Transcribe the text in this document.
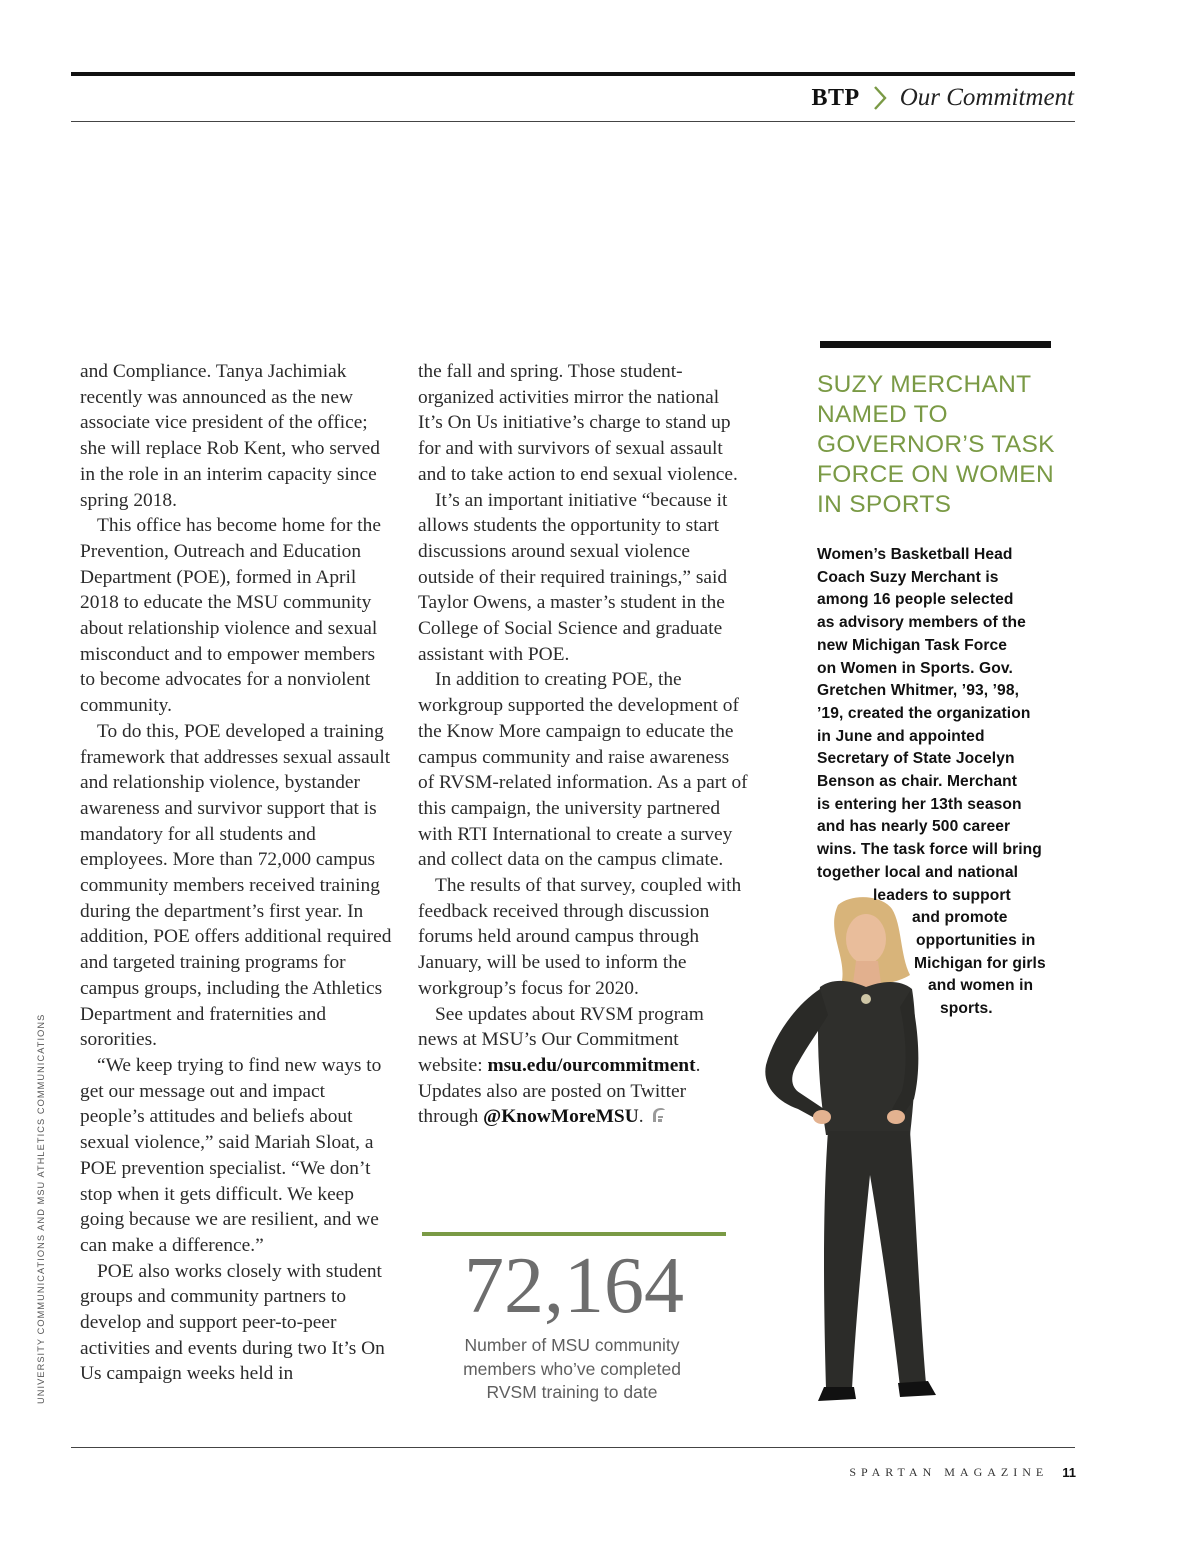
BTP Our Commitment
UNIVERSITY COMMUNICATIONS AND MSU ATHLETICS COMMUNICATIONS

and Compliance. Tanya Jachimiak recently was announced as the new associate vice president of the office; she will replace Rob Kent, who served in the role in an interim capacity since spring 2018.

This office has become home for the Prevention, Outreach and Education Department (POE), formed in April 2018 to educate the MSU community about relationship violence and sexual misconduct and to empower members to become advocates for a nonviolent community.

To do this, POE developed a training framework that addresses sexual assault and relationship violence, bystander awareness and survivor support that is mandatory for all students and employees. More than 72,000 campus community members received training during the department’s first year. In addition, POE offers additional required and targeted training programs for campus groups, including the Athletics Department and fraternities and sororities.

“We keep trying to find new ways to get our message out and impact people’s attitudes and beliefs about sexual violence,” said Mariah Sloat, a POE prevention specialist. “We don’t stop when it gets difficult. We keep going because we are resilient, and we can make a difference.”

POE also works closely with student groups and community partners to develop and support peer-to-peer activities and events during two It’s On Us campaign weeks held in

the fall and spring. Those student-organized activities mirror the national It’s On Us initiative’s charge to stand up for and with survivors of sexual assault and to take action to end sexual violence.

It’s an important initiative “because it allows students the opportunity to start discussions around sexual violence outside of their required trainings,” said Taylor Owens, a master’s student in the College of Social Science and graduate assistant with POE.

In addition to creating POE, the workgroup supported the development of the Know More campaign to educate the campus community and raise awareness of RVSM-related information. As a part of this campaign, the university partnered with RTI International to create a survey and collect data on the campus climate.

The results of that survey, coupled with feedback received through discussion forums held around campus through January, will be used to inform the workgroup’s focus for 2020.

See updates about RVSM program news at MSU’s Our Commitment website: msu.edu/ourcommitment. Updates also are posted on Twitter through @KnowMoreMSU.

72,164
Number of MSU community
members who’ve completed
RVSM training to date
SUZY MERCHANT
NAMED TO
GOVERNOR’S TASK
FORCE ON WOMEN
IN SPORTS
Women’s Basketball Head
Coach Suzy Merchant is
among 16 people selected
as advisory members of the
new Michigan Task Force
on Women in Sports. Gov.
Gretchen Whitmer, ’93, ’98,
’19, created the organization
in June and appointed
Secretary of State Jocelyn
Benson as chair. Merchant
is entering her 13th season
and has nearly 500 career
wins. The task force will bring
together local and national
leaders to support
and promote
opportunities in
Michigan for girls
and women in
sports.
SPARTAN MAGAZINE 11
